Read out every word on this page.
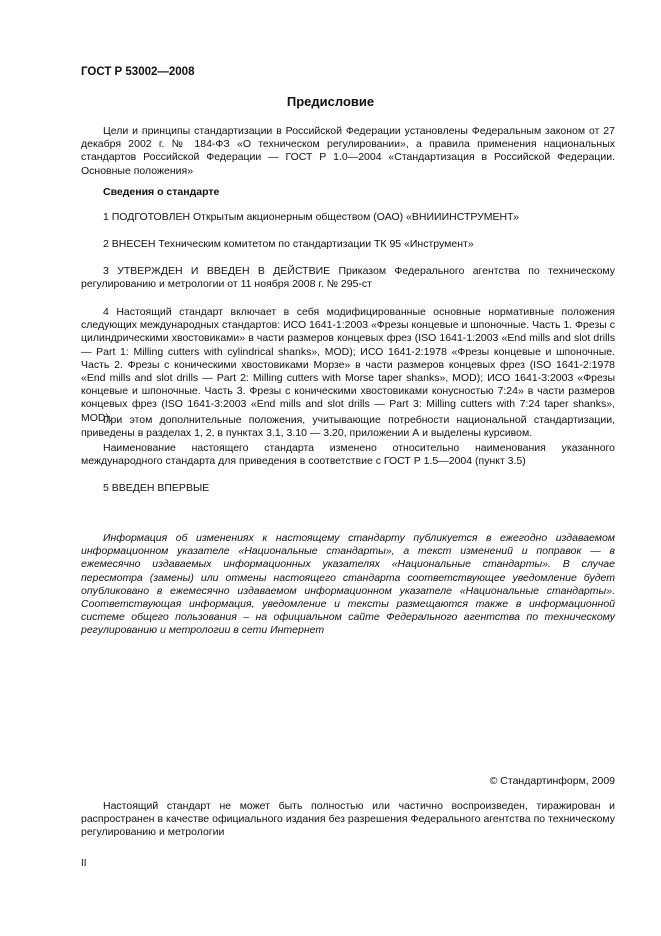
ГОСТ Р 53002—2008
Предисловие

Цели и принципы стандартизации в Российской Федерации установлены Федеральным законом от 27 декабря 2002 г. № 184-ФЗ «О техническом регулировании», а правила применения национальных стандартов Российской Федерации — ГОСТ Р 1.0—2004 «Стандартизация в Российской Федерации. Основные положения»

Сведения о стандарте

1 ПОДГОТОВЛЕН Открытым акционерным обществом (ОАО) «ВНИИИНСТРУМЕНТ»

2 ВНЕСЕН Техническим комитетом по стандартизации ТК 95 «Инструмент»

3 УТВЕРЖДЕН И ВВЕДЕН В ДЕЙСТВИЕ Приказом Федерального агентства по техническому регулированию и метрологии от 11 ноября 2008 г. № 295-ст

4 Настоящий стандарт включает в себя модифицированные основные нормативные положения следующих международных стандартов: ИСО 1641-1:2003 «Фрезы концевые и шпоночные. Часть 1. Фрезы с цилиндрическими хвостовиками» в части размеров концевых фрез (ISO 1641-1:2003 «End mills and slot drills — Part 1: Milling cutters with cylindrical shanks», MOD); ИСО 1641-2:1978 «Фрезы концевые и шпоночные. Часть 2. Фрезы с коническими хвостовиками Морзе» в части размеров концевых фрез (ISO 1641-2:1978 «End mills and slot drills — Part 2: Milling cutters with Morse taper shanks», MOD); ИСО 1641-3:2003 «Фрезы концевые и шпоночные. Часть 3. Фрезы с коническими хвостовиками конусностью 7:24» в части размеров концевых фрез (ISO 1641-3:2003 «End mills and slot drills — Part 3: Milling cutters with 7:24 taper shanks», MOD).

При этом дополнительные положения, учитывающие потребности национальной стандартизации, приведены в разделах 1, 2, в пунктах 3.1, 3.10 — 3.20, приложении А и выделены курсивом.

Наименование настоящего стандарта изменено относительно наименования указанного международного стандарта для приведения в соответствие с ГОСТ Р 1.5—2004 (пункт 3.5)

5 ВВЕДЕН ВПЕРВЫЕ

Информация об изменениях к настоящему стандарту публикуется в ежегодно издаваемом информационном указателе «Национальные стандарты», а текст изменений и поправок — в ежемесячно издаваемых информационных указателях «Национальные стандарты». В случае пересмотра (замены) или отмены настоящего стандарта соответствующее уведомление будет опубликовано в ежемесячно издаваемом информационном указателе «Национальные стандарты». Соответствующая информация, уведомление и тексты размещаются также в информационной системе общего пользования – на официальном сайте Федерального агентства по техническому регулированию и метрологии в сети Интернет

© Стандартинформ, 2009

Настоящий стандарт не может быть полностью или частично воспроизведен, тиражирован и распространен в качестве официального издания без разрешения Федерального агентства по техническому регулированию и метрологии

II
